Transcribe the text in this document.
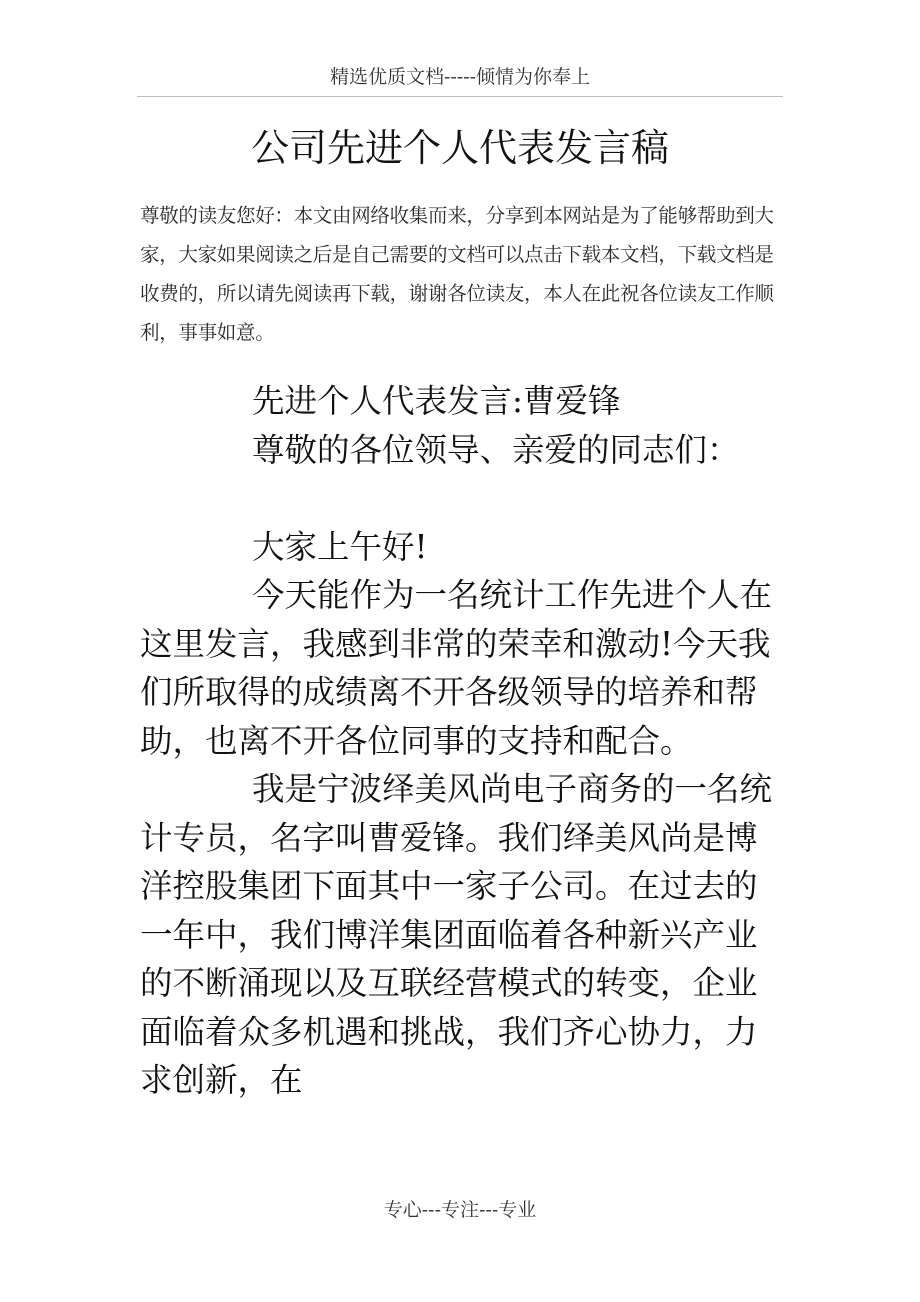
精选优质文档-----倾情为你奉上
公司先进个人代表发言稿

尊敬的读友您好：本文由网络收集而来，分享到本网站是为了能够帮助到大家，大家如果阅读之后是自己需要的文档可以点击下载本文档，下载文档是收费的，所以请先阅读再下载，谢谢各位读友，本人在此祝各位读友工作顺利，事事如意。

先进个人代表发言:曹爱锋

尊敬的各位领导、亲爱的同志们：

大家上午好!

今天能作为一名统计工作先进个人在这里发言，我感到非常的荣幸和激动!今天我们所取得的成绩离不开各级领导的培养和帮助，也离不开各位同事的支持和配合。

我是宁波绎美风尚电子商务的一名统计专员，名字叫曹爱锋。我们绎美风尚是博洋控股集团下面其中一家子公司。在过去的一年中，我们博洋集团面临着各种新兴产业的不断涌现以及互联经营模式的转变，企业面临着众多机遇和挑战，我们齐心协力，力求创新，在

专心---专注---专业
